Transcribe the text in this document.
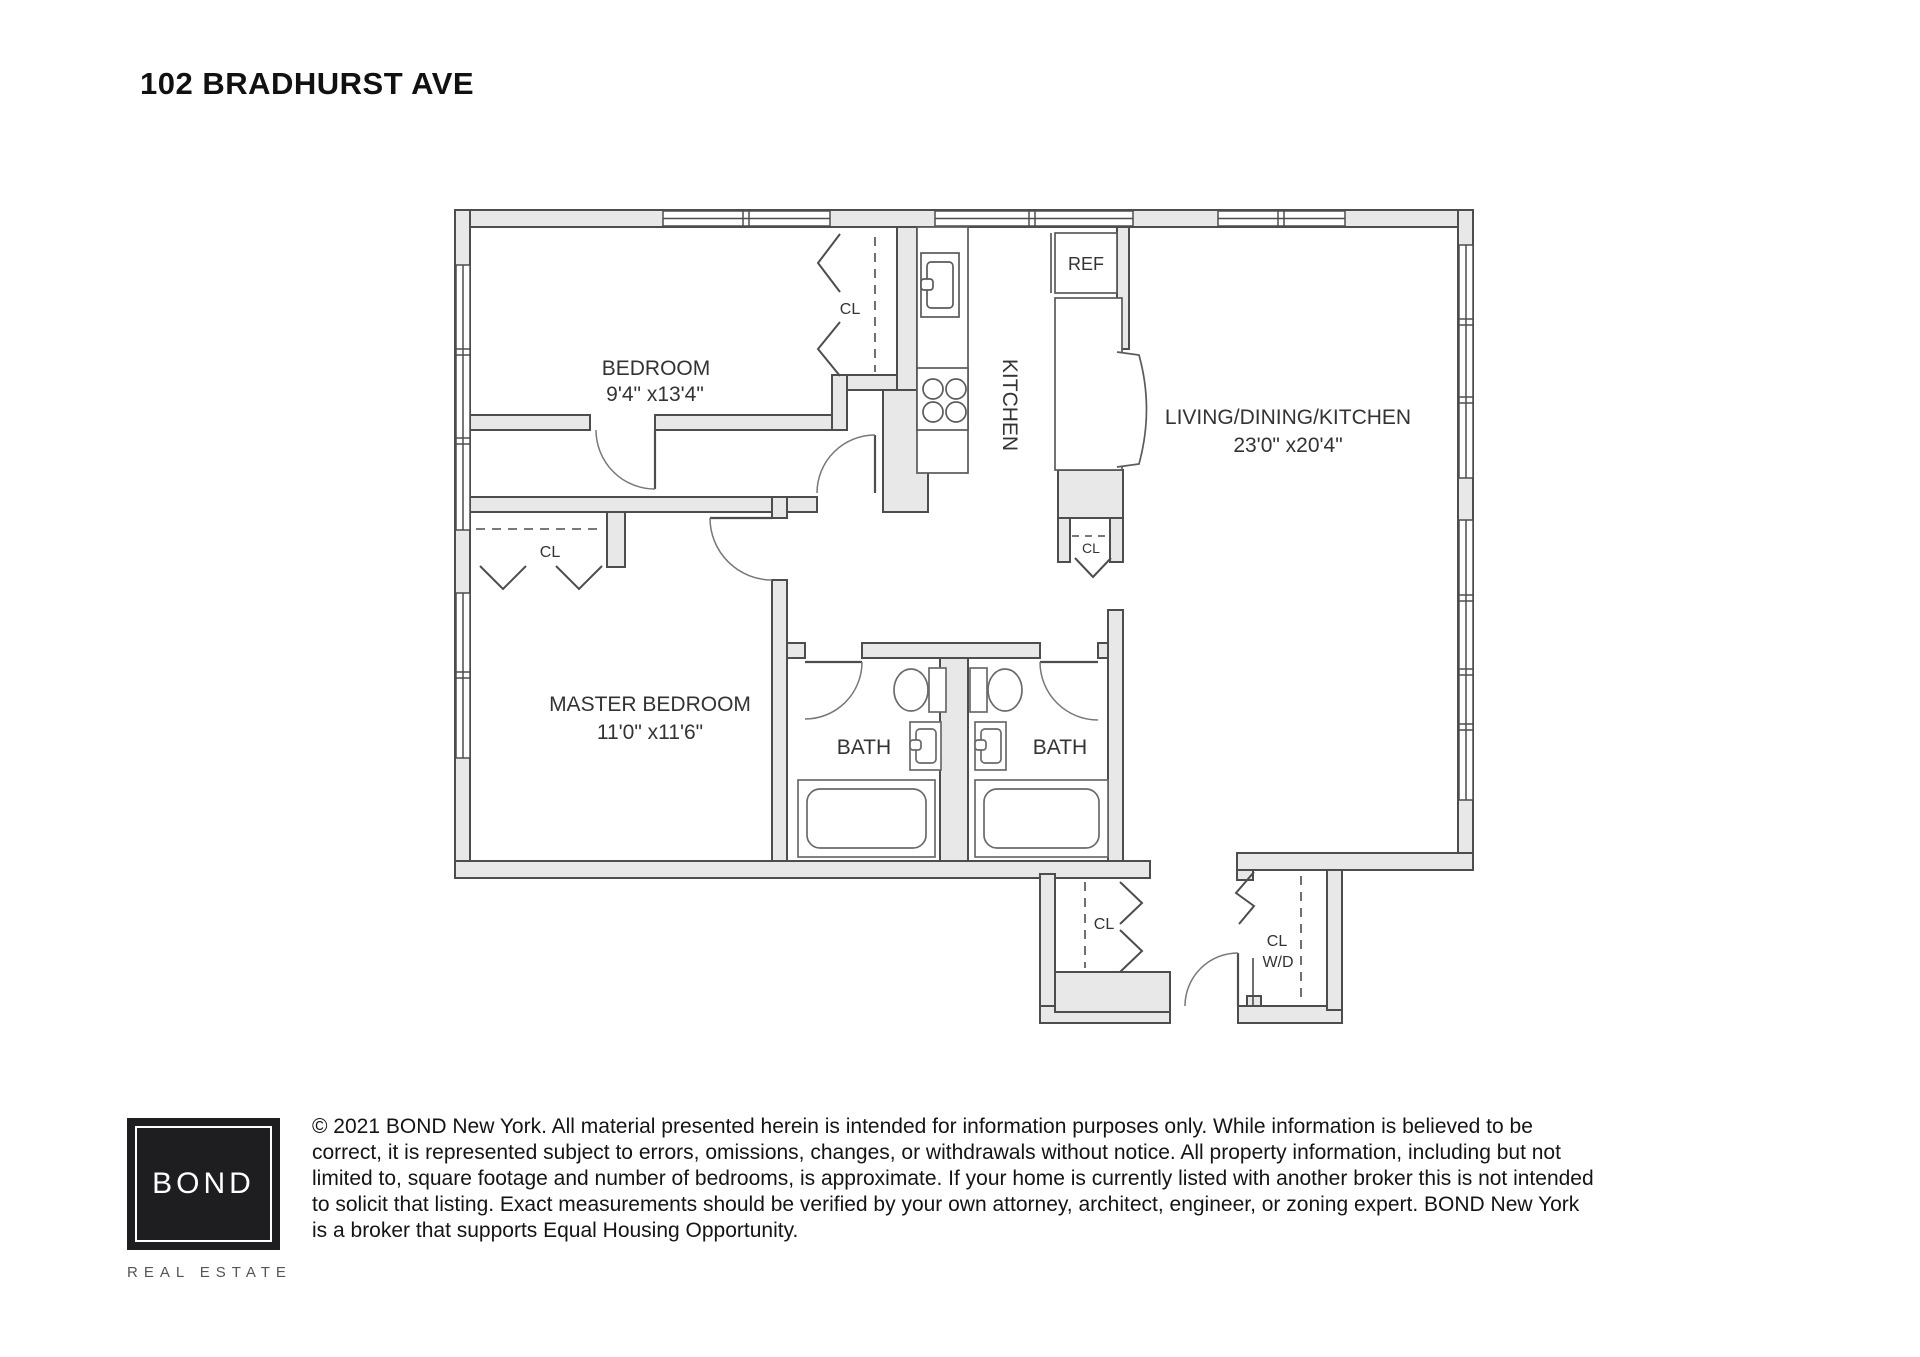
BEDROOM
9'4" x13'4"	KITCHEN	LIVING/DINING/KITCHEN
23'0" x20'4"
MASTER BEDROOM
11'0" x11'6"
BATH	BATH
REF
CL
CL	CL
CL
CL
W/D
102 BRADHURST AVE
BOND
REAL ESTATE
© 2021 BOND New York. All material presented herein is intended for information purposes only. While information is believed to be
correct, it is represented subject to errors, omissions, changes, or withdrawals without notice. All property information, including but not
limited to, square footage and number of bedrooms, is approximate. If your home is currently listed with another broker this is not intended
to solicit that listing. Exact measurements should be verified by your own attorney, architect, engineer, or zoning expert. BOND New York
is a broker that supports Equal Housing Opportunity.
